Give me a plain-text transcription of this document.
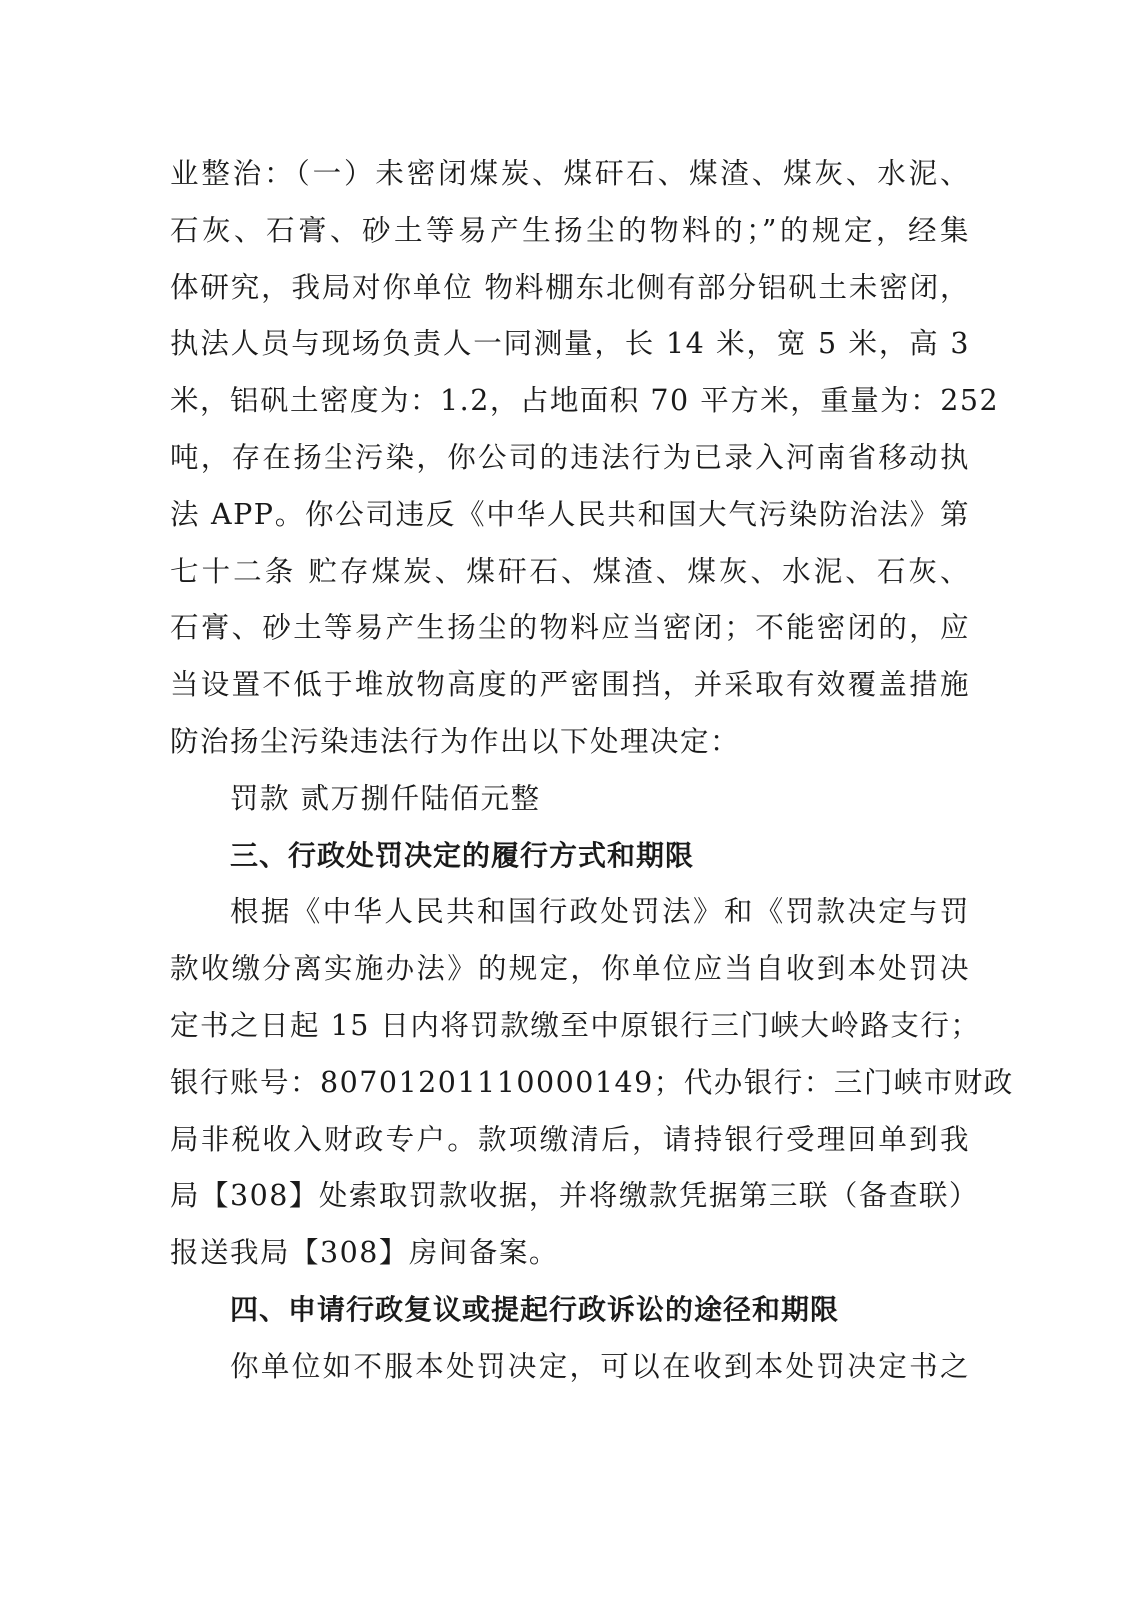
业整治：（一）未密闭煤炭、煤矸石、煤渣、煤灰、水泥、
石灰、石膏、砂土等易产生扬尘的物料的；”的规定，经集
体研究，我局对你单位 物料棚东北侧有部分铝矾土未密闭，
执法人员与现场负责人一同测量，长 14 米，宽 5 米，高 3
米，铝矾土密度为：1.2，占地面积 70 平方米，重量为：252
吨，存在扬尘污染，你公司的违法行为已录入河南省移动执
法 APP。你公司违反《中华人民共和国大气污染防治法》第
七十二条 贮存煤炭、煤矸石、煤渣、煤灰、水泥、石灰、
石膏、砂土等易产生扬尘的物料应当密闭；不能密闭的，应
当设置不低于堆放物高度的严密围挡，并采取有效覆盖措施
防治扬尘污染违法行为作出以下处理决定：
罚款 贰万捌仟陆佰元整
三、行政处罚决定的履行方式和期限
根据《中华人民共和国行政处罚法》和《罚款决定与罚
款收缴分离实施办法》的规定，你单位应当自收到本处罚决
定书之日起 15 日内将罚款缴至中原银行三门峡大岭路支行；
银行账号：80701201110000149；代办银行：三门峡市财政
局非税收入财政专户。款项缴清后，请持银行受理回单到我
局【308】处索取罚款收据，并将缴款凭据第三联（备查联）
报送我局【308】房间备案。
四、申请行政复议或提起行政诉讼的途径和期限
你单位如不服本处罚决定，可以在收到本处罚决定书之
